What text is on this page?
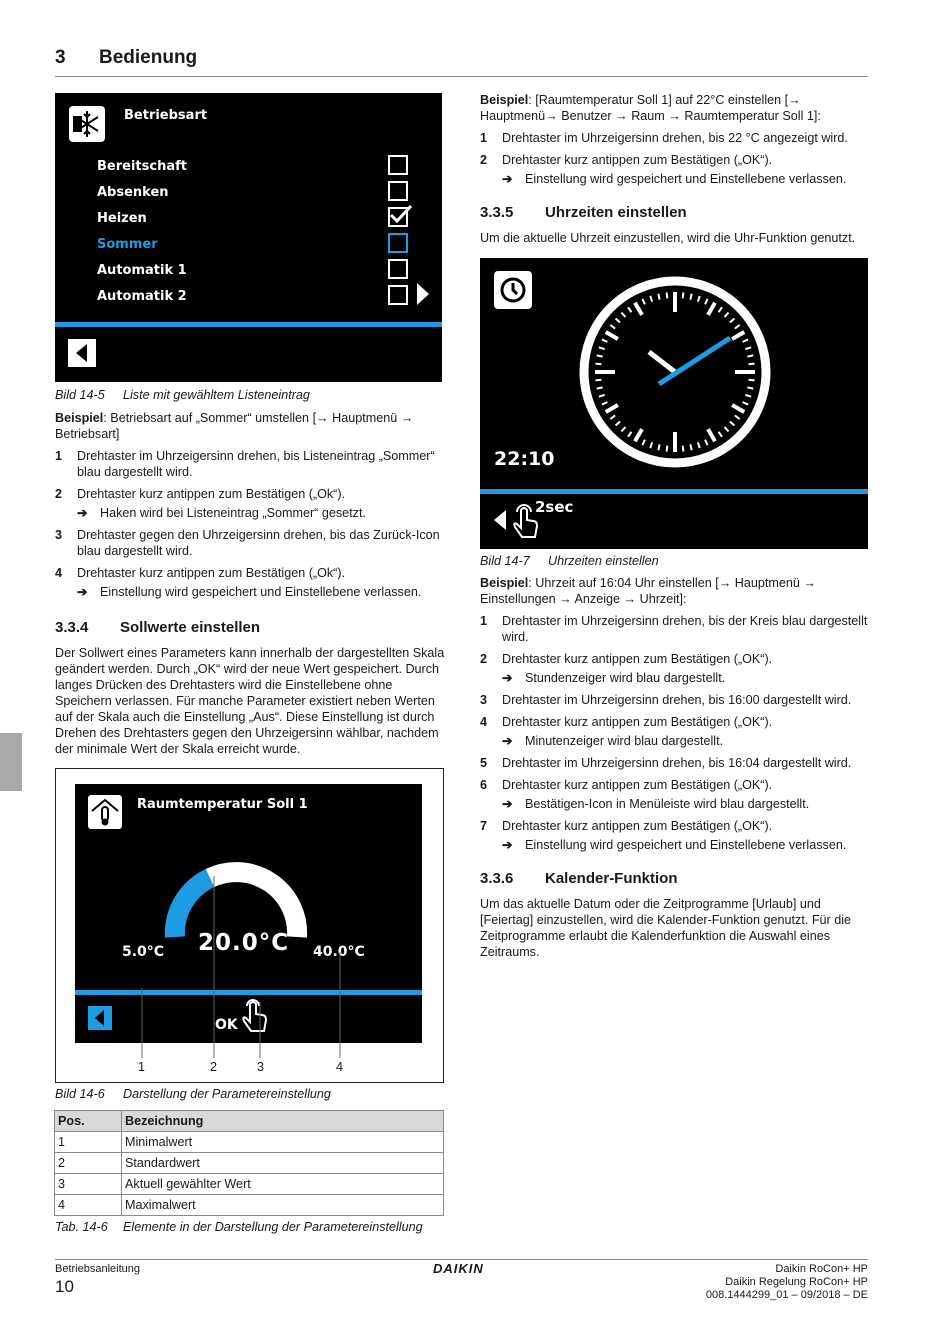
3 Bedienung
Betriebsart
Bereitschaft
Absenken
Heizen
Sommer
Automatik 1
Automatik 2

Bild 14-5 Liste mit gewähltem Listeneintrag

Beispiel: Betriebsart auf „Sommer“ umstellen [→ Hauptmenü → Betriebsart]

1 Drehtaster im Uhrzeigersinn drehen, bis Listeneintrag „Sommer“ blau dargestellt wird.
2 Drehtaster kurz antippen zum Bestätigen („Ok“).
➔ Haken wird bei Listeneintrag „Sommer“ gesetzt.
3 Drehtaster gegen den Uhrzeigersinn drehen, bis das Zurück-Icon blau dargestellt wird.
4 Drehtaster kurz antippen zum Bestätigen („Ok“).
➔ Einstellung wird gespeichert und Einstellebene verlassen.
3.3.4 Sollwerte einstellen

Der Sollwert eines Parameters kann innerhalb der dargestellten Skala geändert werden. Durch „OK“ wird der neue Wert gespeichert. Durch langes Drücken des Drehtasters wird die Einstellebene ohne Speichern verlassen. Für manche Parameter existiert neben Werten auf der Skala auch die Einstellung „Aus“. Diese Einstellung ist durch Drehen des Drehtasters gegen den Uhrzeigersinn wählbar, nachdem der minimale Wert der Skala erreicht wurde.

Raumtemperatur Soll 1
5.0°C 20.0°C 40.0°C
OK
1	2	3	4

Bild 14-6 Darstellung der Parametereinstellung

Pos.	Bezeichnung
1	Minimalwert
2	Standardwert
3	Aktuell gewählter Wert
4	Maximalwert

Tab. 14-6 Elemente in der Darstellung der Parametereinstellung

Beispiel: [Raumtemperatur Soll 1] auf 22°C einstellen [→ Hauptmenü→ Benutzer → Raum → Raumtemperatur Soll 1]:

1 Drehtaster im Uhrzeigersinn drehen, bis 22 °C angezeigt wird.
2 Drehtaster kurz antippen zum Bestätigen („OK“).
➔ Einstellung wird gespeichert und Einstellebene verlassen.
3.3.5 Uhrzeiten einstellen

Um die aktuelle Uhrzeit einzustellen, wird die Uhr-Funktion genutzt.

22:10
2sec

Bild 14-7 Uhrzeiten einstellen

Beispiel: Uhrzeit auf 16:04 Uhr einstellen [→ Hauptmenü → Einstellungen → Anzeige → Uhrzeit]:

1 Drehtaster im Uhrzeigersinn drehen, bis der Kreis blau dargestellt wird.
2 Drehtaster kurz antippen zum Bestätigen („OK“).
➔ Stundenzeiger wird blau dargestellt.
3 Drehtaster im Uhrzeigersinn drehen, bis 16:00 dargestellt wird.
4 Drehtaster kurz antippen zum Bestätigen („OK“).
➔ Minutenzeiger wird blau dargestellt.
5 Drehtaster im Uhrzeigersinn drehen, bis 16:04 dargestellt wird.
6 Drehtaster kurz antippen zum Bestätigen („OK“).
➔ Bestätigen-Icon in Menüleiste wird blau dargestellt.
7 Drehtaster kurz antippen zum Bestätigen („OK“).
➔ Einstellung wird gespeichert und Einstellebene verlassen.
3.3.6 Kalender-Funktion

Um das aktuelle Datum oder die Zeitprogramme [Urlaub] und [Feiertag] einzustellen, wird die Kalender-Funktion genutzt. Für die Zeitprogramme erlaubt die Kalenderfunktion die Auswahl eines Zeitraums.

Betriebsanleitung
10
DAIKIN	Daikin RoCon+ HP
Daikin Regelung RoCon+ HP
008.1444299_01 – 09/2018 – DE
